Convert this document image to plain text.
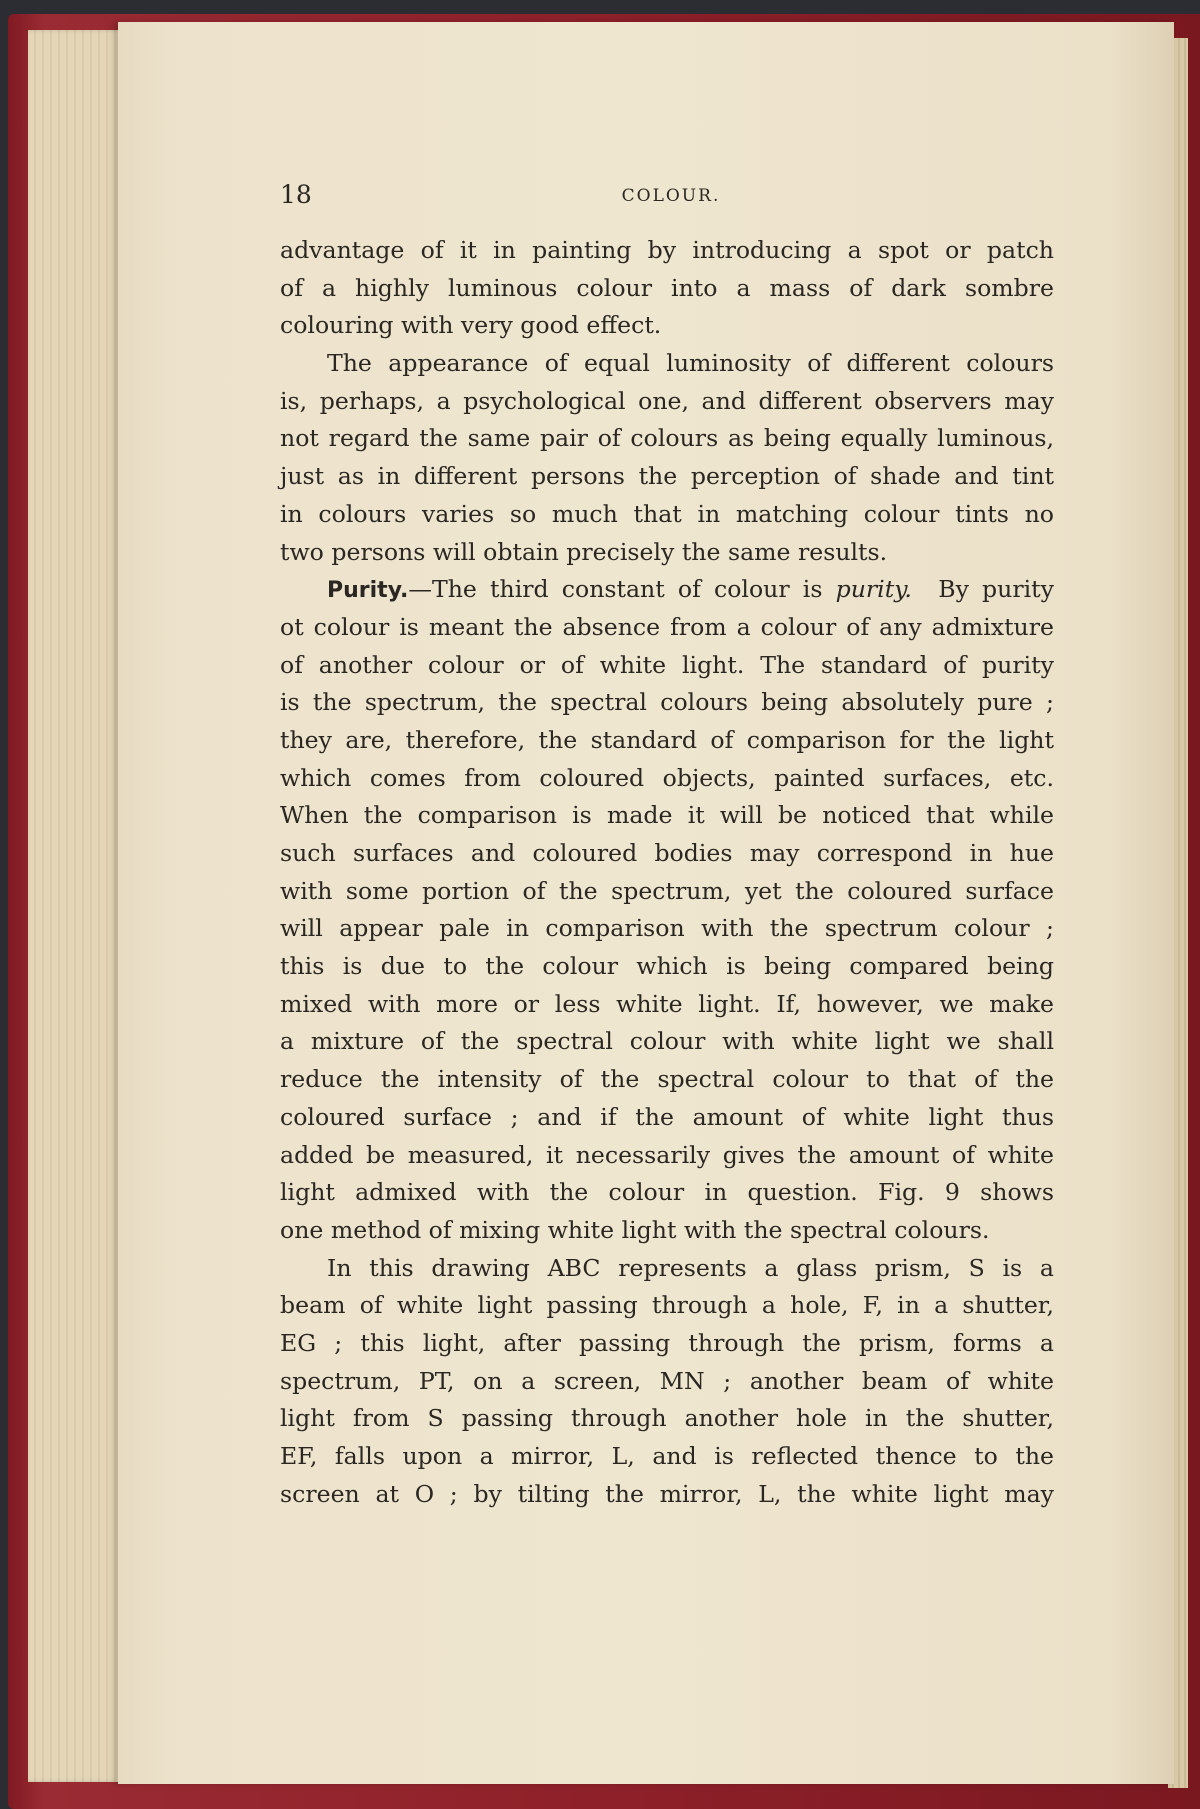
18	COLOUR.
advantage of it in painting by introducing a spot or patch
of a highly luminous colour into a mass of dark sombre
colouring with very good effect.
The appearance of equal luminosity of different colours
is, perhaps, a psychological one, and different observers may
not regard the same pair of colours as being equally luminous,
just as in different persons the perception of shade and tint
in colours varies so much that in matching colour tints no
two persons will obtain precisely the same results.
Purity.—The third constant of colour is purity.  By purity
ot colour is meant the absence from a colour of any admixture
of another colour or of white light. The standard of purity
is the spectrum, the spectral colours being absolutely pure ;
they are, therefore, the standard of comparison for the light
which comes from coloured objects, painted surfaces, etc.
When the comparison is made it will be noticed that while
such surfaces and coloured bodies may correspond in hue
with some portion of the spectrum, yet the coloured surface
will appear pale in comparison with the spectrum colour ;
this is due to the colour which is being compared being
mixed with more or less white light. If, however, we make
a mixture of the spectral colour with white light we shall
reduce the intensity of the spectral colour to that of the
coloured surface ; and if the amount of white light thus
added be measured, it necessarily gives the amount of white
light admixed with the colour in question. Fig. 9 shows
one method of mixing white light with the spectral colours.
In this drawing ABC represents a glass prism, S is a
beam of white light passing through a hole, F, in a shutter,
EG ; this light, after passing through the prism, forms a
spectrum, PT, on a screen, MN ; another beam of white
light from S passing through another hole in the shutter,
EF, falls upon a mirror, L, and is reflected thence to the
screen at O ; by tilting the mirror, L, the white light may
